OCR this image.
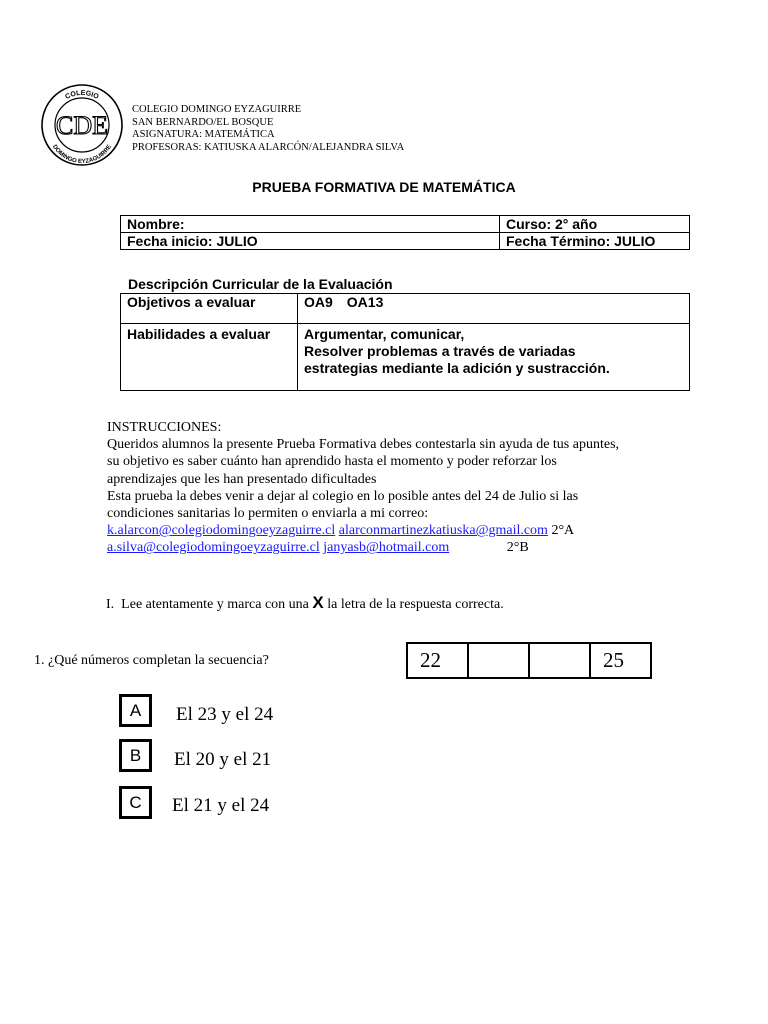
COLEGIO
DOMINGO EYZAGUIRRE
CDE
COLEGIO DOMINGO EYZAGUIRRE
SAN BERNARDO/EL BOSQUE
ASIGNATURA: MATEMÁTICA
PROFESORAS: KATIUSKA ALARCÓN/ALEJANDRA SILVA
PRUEBA FORMATIVA DE MATEMÁTICA
Nombre:	Curso: 2° año
Fecha inicio: JULIO	Fecha Término: JULIO
Descripción Curricular de la Evaluación
Objetivos a evaluar	OA9 OA13
Habilidades a evaluar	Argumentar, comunicar,
Resolver problemas a través de variadas
estrategias mediante la adición y sustracción.
INSTRUCCIONES:
Queridos alumnos la presente Prueba Formativa debes contestarla sin ayuda de tus apuntes,
su objetivo es saber cuánto han aprendido hasta el momento y poder reforzar los
aprendizajes que les han presentado dificultades
Esta prueba la debes venir a dejar al colegio en lo posible antes del 24 de Julio si las
condiciones sanitarias lo permiten o enviarla a mi correo:
k.alarcon@colegiodomingoeyzaguirre.cl alarconmartinezkatiuska@gmail.com 2°A
a.silva@colegiodomingoeyzaguirre.cl janyasb@hotmail.com	2°B
I. Lee atentamente y marca con una X la letra de la respuesta correcta.
1. ¿Qué números completan la secuencia?	22			25
A	El 23 y el 24
B	El 20 y el 21
C	El 21 y el 24
